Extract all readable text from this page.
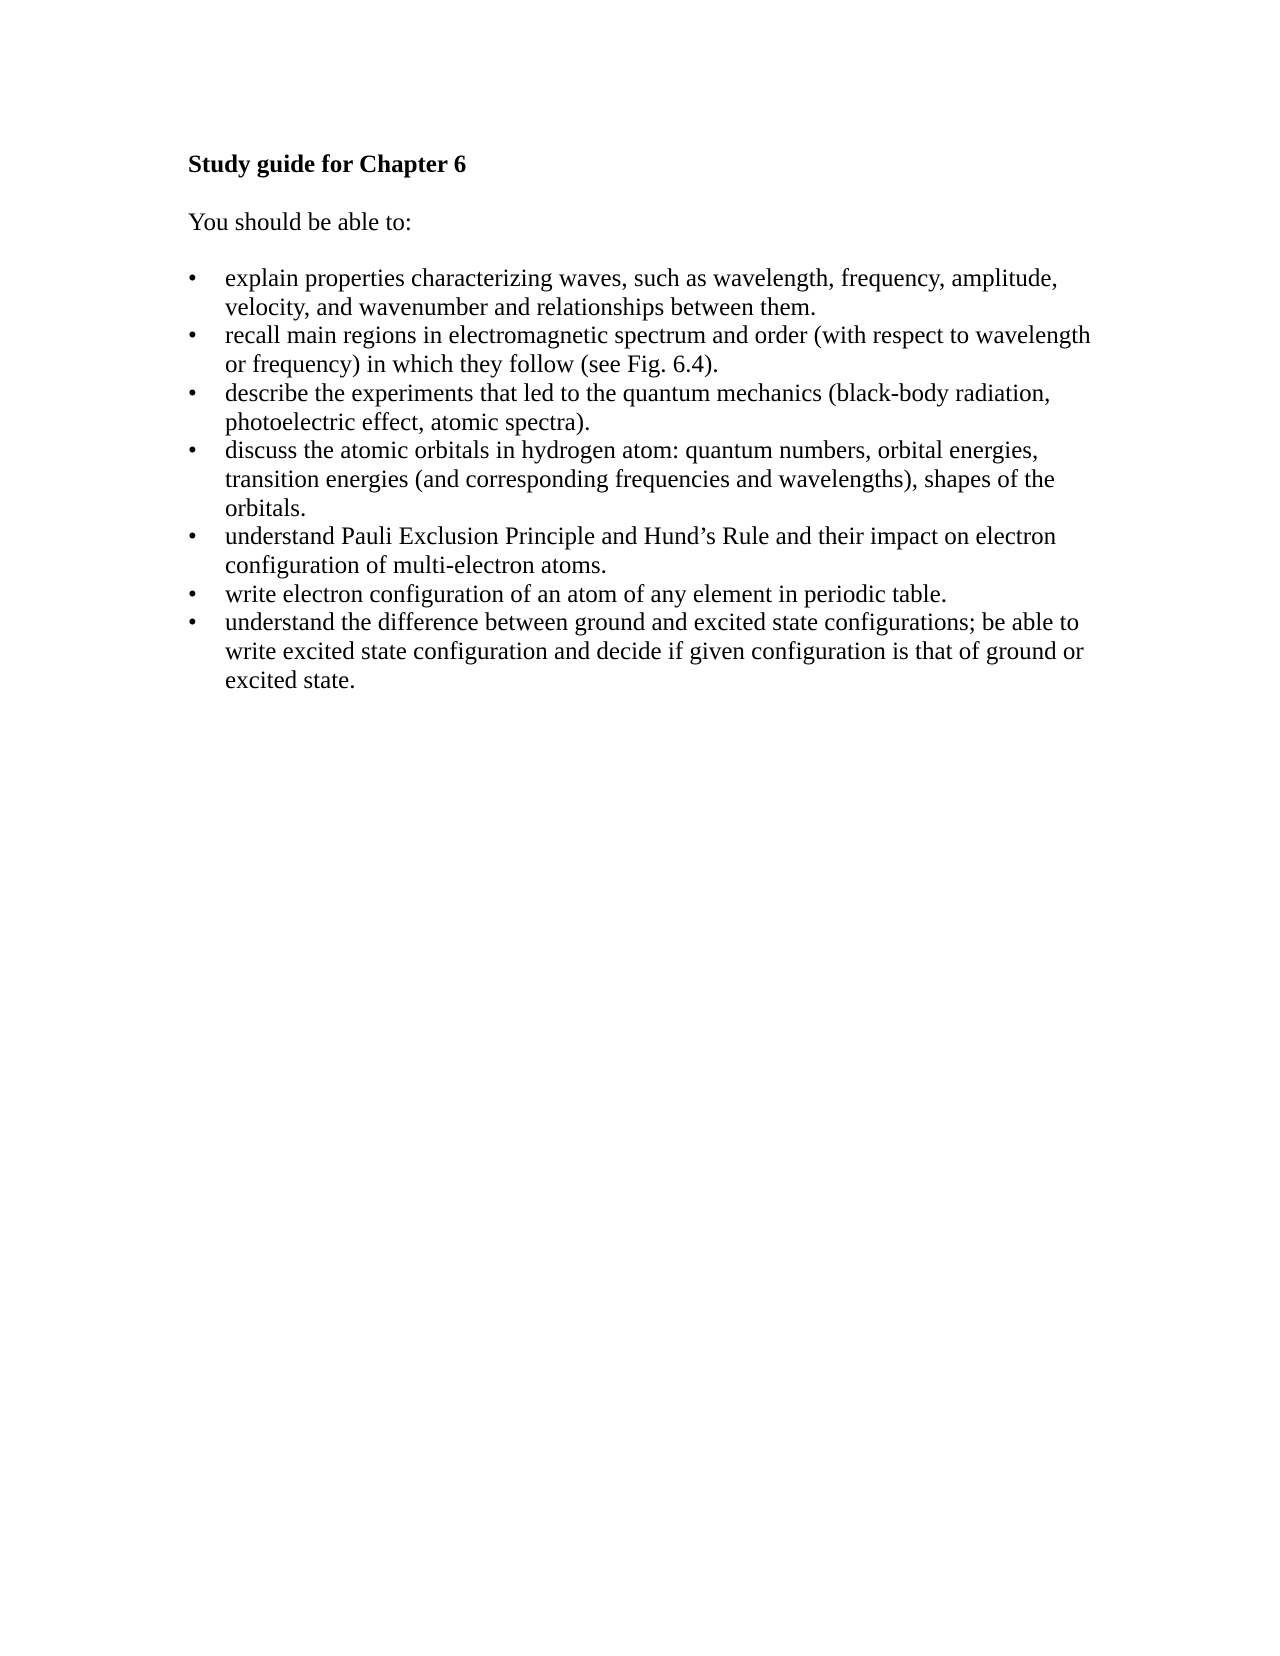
Study guide for Chapter 6

You should be able to:

•	explain properties characterizing waves, such as wavelength, frequency, amplitude, velocity, and wavenumber and relationships between them.
•	recall main regions in electromagnetic spectrum and order (with respect to wavelength or frequency) in which they follow (see Fig. 6.4).
•	describe the experiments that led to the quantum mechanics (black-body radiation, photoelectric effect, atomic spectra).
•	discuss the atomic orbitals in hydrogen atom: quantum numbers, orbital energies, transition energies (and corresponding frequencies and wavelengths), shapes of the orbitals.
•	understand Pauli Exclusion Principle and Hund’s Rule and their impact on electron configuration of multi-electron atoms.
•	write electron configuration of an atom of any element in periodic table.
•	understand the difference between ground and excited state configurations; be able to write excited state configuration and decide if given configuration is that of ground or excited state.
